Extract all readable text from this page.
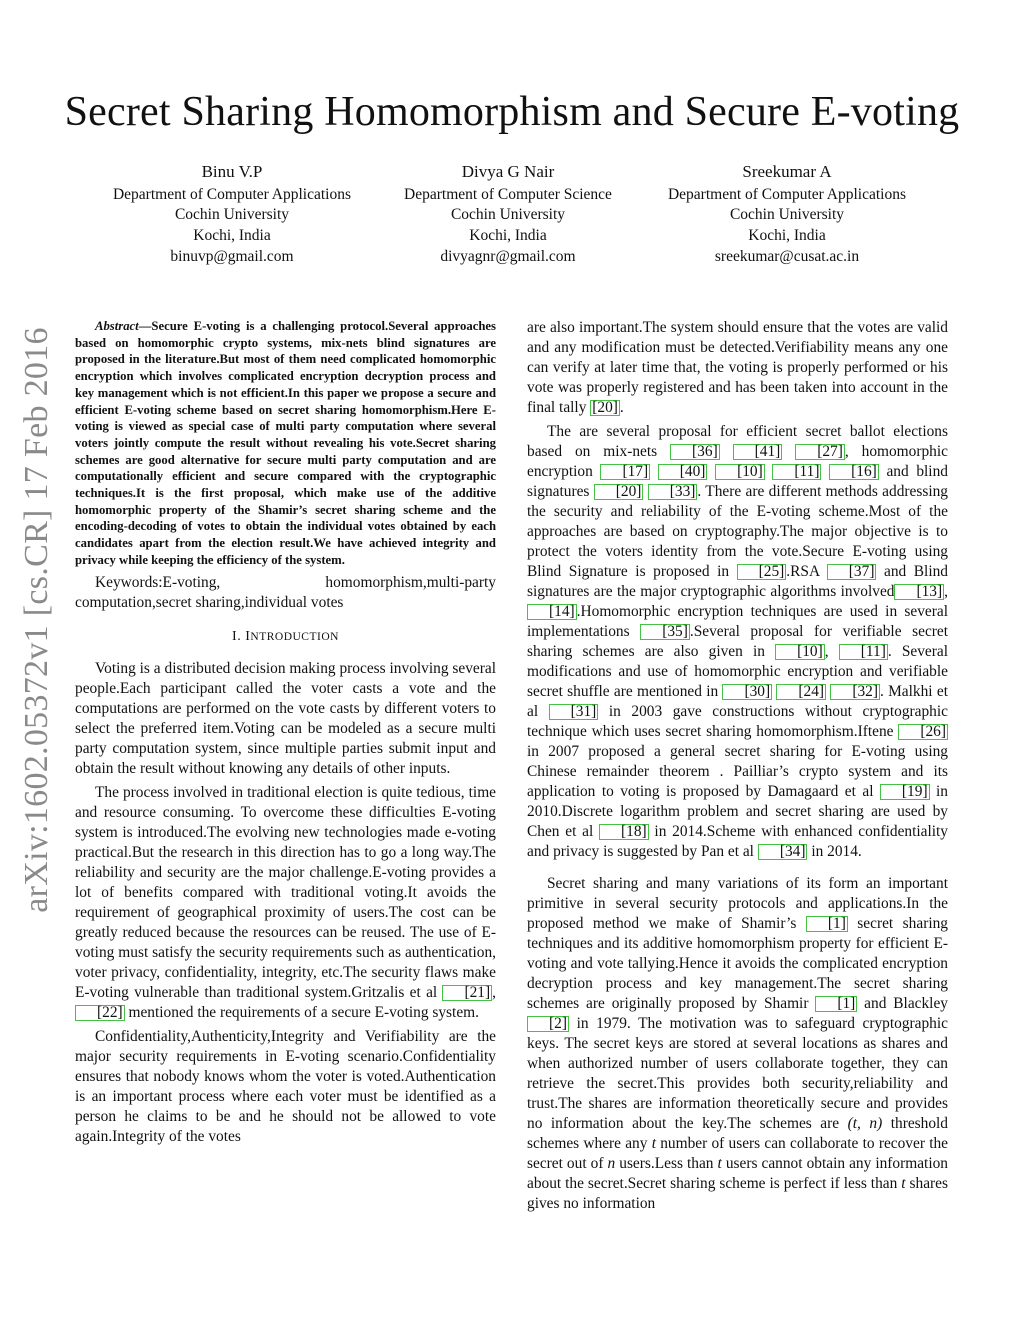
arXiv:1602.05372v1 [cs.CR] 17 Feb 2016
Secret Sharing Homomorphism and Secure E-voting
Binu V.P
Department of Computer Applications
Cochin University
Kochi, India
binuvp@gmail.com
Divya G Nair
Department of Computer Science
Cochin University
Kochi, India
divyagnr@gmail.com
Sreekumar A
Department of Computer Applications
Cochin University
Kochi, India
sreekumar@cusat.ac.in

Abstract—Secure E-voting is a challenging protocol.Several approaches based on homomorphic crypto systems, mix-nets blind signatures are proposed in the literature.But most of them need complicated homomorphic encryption which involves complicated encryption decryption process and key management which is not efficient.In this paper we propose a secure and efficient E-voting scheme based on secret sharing homomorphism.Here E-voting is viewed as special case of multi party computation where several voters jointly compute the result without revealing his vote.Secret sharing schemes are good alternative for secure multi party computation and are computationally efficient and secure compared with the cryptographic techniques.It is the first proposal, which make use of the additive homomorphic property of the Shamir’s secret sharing scheme and the encoding-decoding of votes to obtain the individual votes obtained by each candidates apart from the election result.We have achieved integrity and privacy while keeping the efficiency of the system.

Keywords:E-voting, homomorphism,multi-party computation,secret sharing,individual votes

I. INTRODUCTION

Voting is a distributed decision making process involving several people.Each participant called the voter casts a vote and the computations are performed on the vote casts by different voters to select the preferred item.Voting can be modeled as a secure multi party computation system, since multiple parties submit input and obtain the result without knowing any details of other inputs.

The process involved in traditional election is quite tedious, time and resource consuming. To overcome these difficulties E-voting system is introduced.The evolving new technologies made e-voting practical.But the research in this direction has to go a long way.The reliability and security are the major challenge.E-voting provides a lot of benefits compared with traditional voting.It avoids the requirement of geographical proximity of users.The cost can be greatly reduced because the resources can be reused. The use of E-voting must satisfy the security requirements such as authentication, voter privacy, confidentiality, integrity, etc.The security flaws make E-voting vulnerable than traditional system.Gritzalis et al [21] ,[22] mentioned the requirements of a secure E-voting system.

Confidentiality,Authenticity,Integrity and Verifiability are the major security requirements in E-voting scenario.Confidentiality ensures that nobody knows whom the voter is voted.Authentication is an important process where each voter must be identified as a person he claims to be and he should not be allowed to vote again.Integrity of the votes

are also important.The system should ensure that the votes are valid and any modification must be detected.Verifiability means any one can verify at later time that, the voting is properly performed or his vote was properly registered and has been taken into account in the final tally [20] .

The are several proposal for efficient secret ballot elections based on mix-nets [36] [41] [27] , homomorphic encryption [17] [40] [10] [11] [16] and blind signatures [20] [33] . There are different methods addressing the security and reliability of the E-voting scheme.Most of the approaches are based on cryptography.The major objective is to protect the voters identity from the vote.Secure E-voting using Blind Signature is proposed in [25] .RSA [37] and Blind signatures are the major cryptographic algorithms involved [13] ,[14] .Homomorphic encryption techniques are used in several implementations [35] .Several proposal for verifiable secret sharing schemes are also given in [10] , [11] . Several modifications and use of homomorphic encryption and verifiable secret shuffle are mentioned in [30] [24] [32] . Malkhi et al [31] in 2003 gave constructions without cryptographic technique which uses secret sharing homomorphism.Iftene [26] in 2007 proposed a general secret sharing for E-voting using Chinese remainder theorem . Pailliar’s crypto system and its application to voting is proposed by Damagaard et al [19] in 2010.Discrete logarithm problem and secret sharing are used by Chen et al [18] in 2014.Scheme with enhanced confidentiality and privacy is suggested by Pan et al [34] in 2014.

Secret sharing and many variations of its form an important primitive in several security protocols and applications.In the proposed method we make of Shamir’s [1] secret sharing techniques and its additive homomorphism property for efficient E-voting and vote tallying.Hence it avoids the complicated encryption decryption process and key management.The secret sharing schemes are originally proposed by Shamir [1] and Blackley [2] in 1979. The motivation was to safeguard cryptographic keys. The secret keys are stored at several locations as shares and when authorized number of users collaborate together, they can retrieve the secret.This provides both security,reliability and trust.The shares are information theoretically secure and provides no information about the key.The schemes are (t, n) threshold schemes where any t number of users can collaborate to recover the secret out of n users.Less than t users cannot obtain any information about the secret.Secret sharing scheme is perfect if less than t shares gives no information
